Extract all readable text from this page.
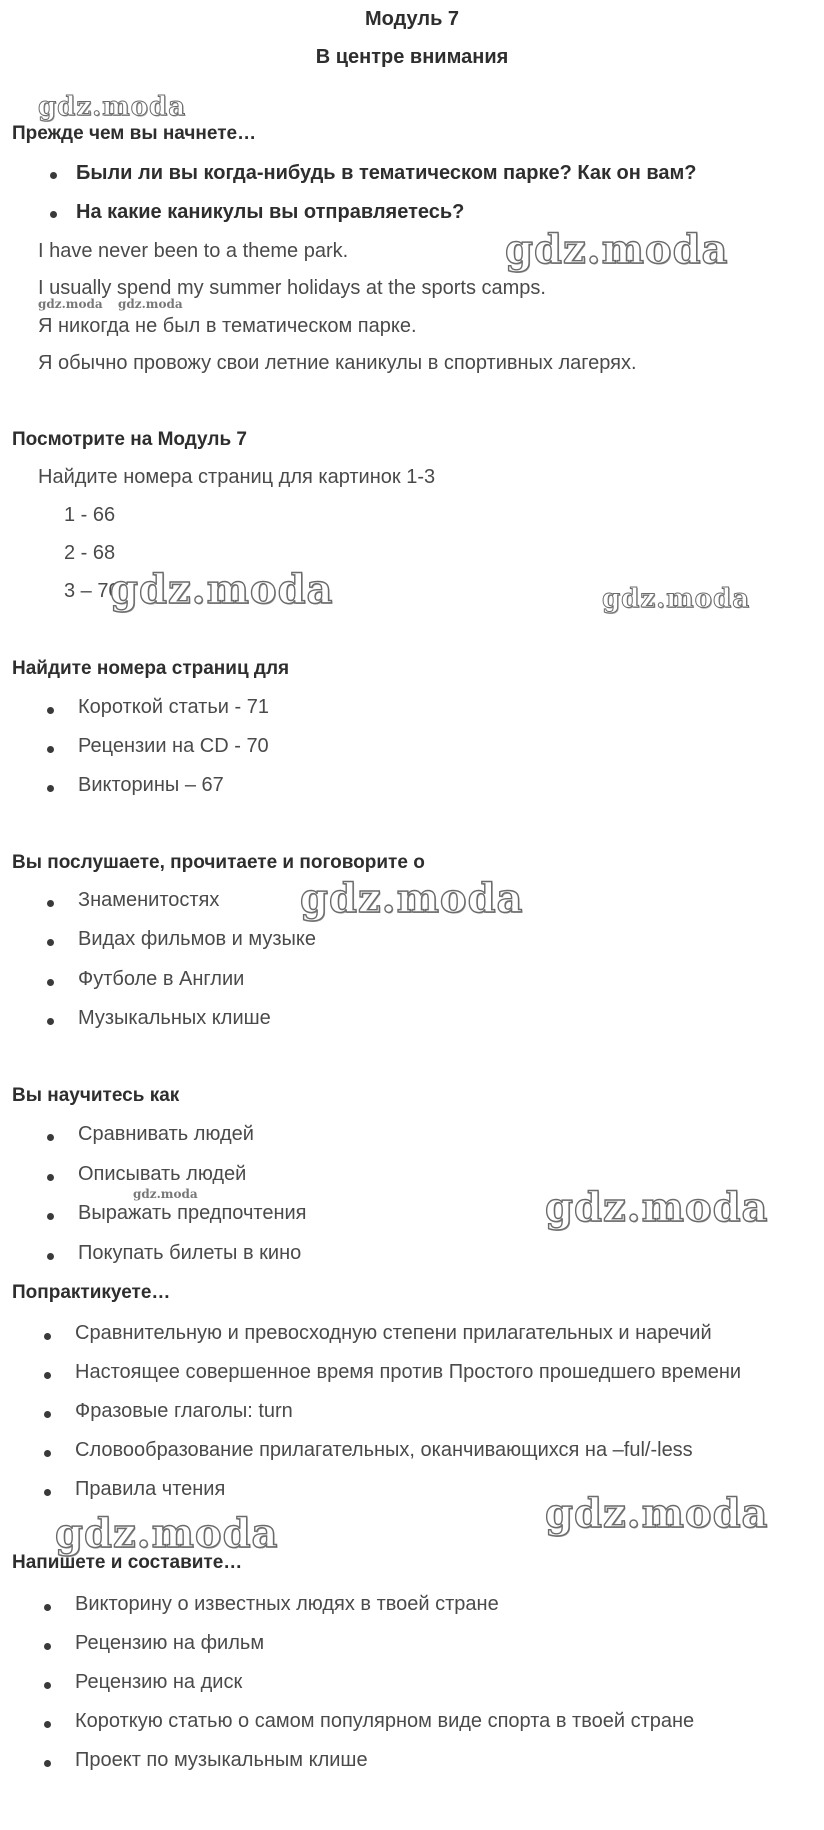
Модуль 7
В центре внимания
Прежде чем вы начнете…
Были ли вы когда-нибудь в тематическом парке? Как он вам?
На какие каникулы вы отправляетесь?
I have never been to a theme park.
I usually spend my summer holidays at the sports camps.
Я никогда не был в тематическом парке.
Я обычно провожу свои летние каникулы в спортивных лагерях.
Посмотрите на Модуль 7
Найдите номера страниц для картинок 1-3
1 - 66
2 - 68
3 – 70
Найдите номера страниц для
Короткой статьи - 71
Рецензии на CD - 70
Викторины – 67
Вы послушаете, прочитаете и поговорите о
Знаменитостях
Видах фильмов и музыке
Футболе в Англии
Музыкальных клише
Вы научитесь как
Сравнивать людей
Описывать людей
Выражать предпочтения
Покупать билеты в кино
Попрактикуете…
Сравнительную и превосходную степени прилагательных и наречий
Настоящее совершенное время против Простого прошедшего времени
Фразовые глаголы: turn
Словообразование прилагательных, оканчивающихся на –ful/-less
Правила чтения
Напишете и составите…
Викторину о известных людях в твоей стране
Рецензию на фильм
Рецензию на диск
Короткую статью о самом популярном виде спорта в твоей стране
Проект по музыкальным клише
gdz.moda
gdz.moda
gdz.moda gdz.moda
gdz.moda	gdz.moda
gdz.moda
gdz.moda	gdz.moda
gdz.moda
gdz.moda
